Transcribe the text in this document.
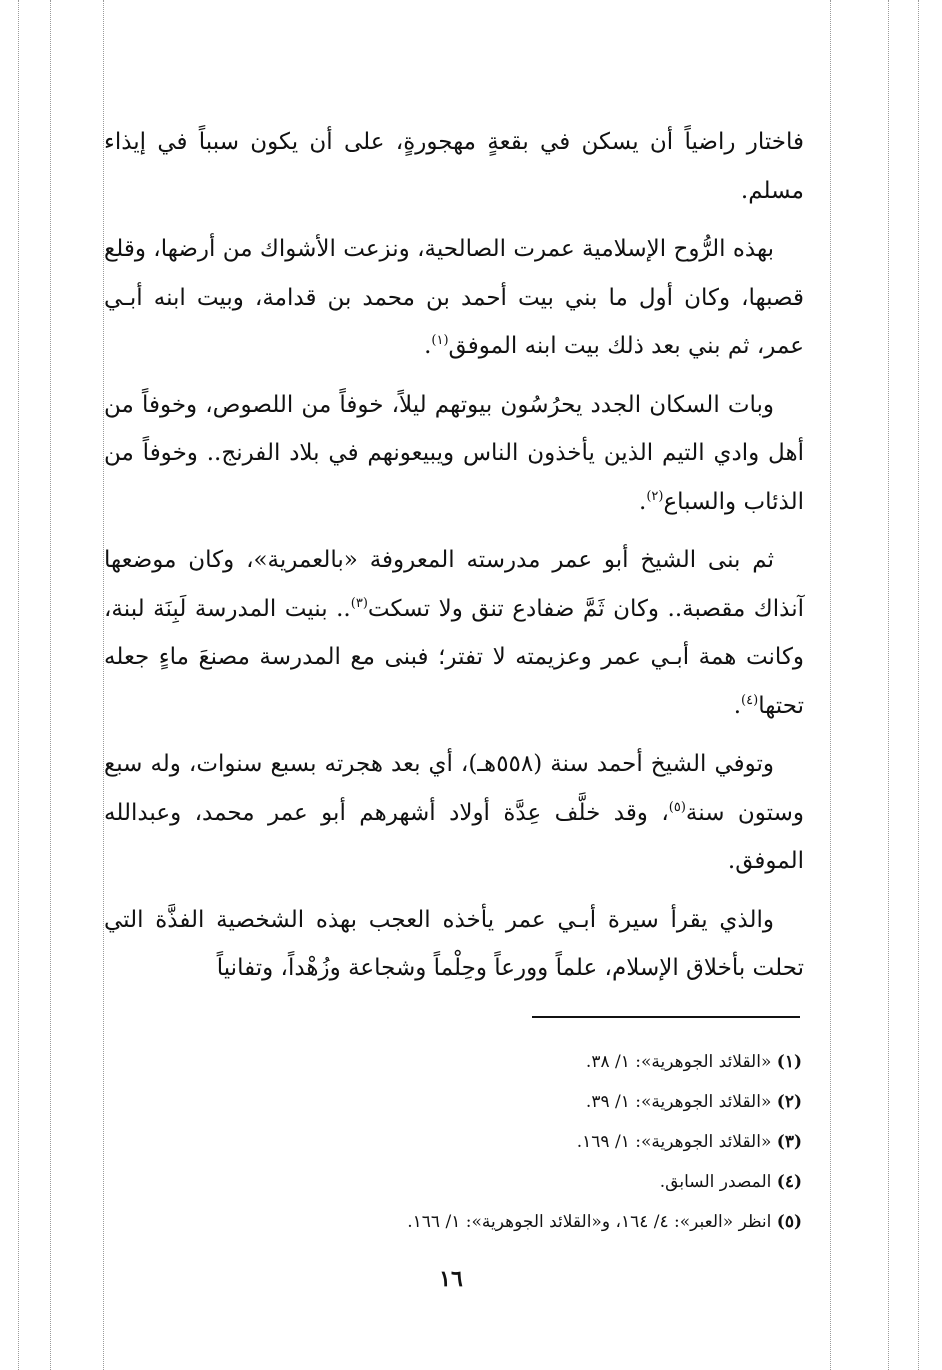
فاختار راضياً أن يسكن في بقعةٍ مهجورةٍ، على أن يكون سبباً في إيذاء مسلم.

بهذه الرُّوح الإسلامية عمرت الصالحية، ونزعت الأشواك من أرضها، وقلع قصبها، وكان أول ما بني بيت أحمد بن محمد بن قدامة، وبيت ابنه أبـي عمر، ثم بني بعد ذلك بيت ابنه الموفق$^{(١)}$.

وبات السكان الجدد يحرُسُون بيوتهم ليلاً، خوفاً من اللصوص، وخوفاً من أهل وادي التيم الذين يأخذون الناس ويبيعونهم في بلاد الفرنج.. وخوفاً من الذئاب والسباع$^{(٢)}$.

ثم بنى الشيخ أبو عمر مدرسته المعروفة «بالعمرية»، وكان موضعها آنذاك مقصبة.. وكان ثَمَّ ضفادع تنق ولا تسكت$^{(٣)}$.. بنيت المدرسة لَبِنَة لبنة، وكانت همة أبـي عمر وعزيمته لا تفتر؛ فبنى مع المدرسة مصنعَ ماءٍ جعله تحتها$^{(٤)}$.

وتوفي الشيخ أحمد سنة (٥٥٨هـ)، أي بعد هجرته بسبع سنوات، وله سبع وستون سنة$^{(٥)}$، وقد خلَّف عِدَّة أولاد أشهرهم أبو عمر محمد، وعبدالله الموفق.

والذي يقرأ سيرة أبـي عمر يأخذه العجب بهذه الشخصية الفذَّة التي تحلت بأخلاق الإسلام، علماً وورعاً وحِلْماً وشجاعة وزُهْداً، وتفانياً

(١) «القلائد الجوهرية»: ١/ ٣٨.
(٢) «القلائد الجوهرية»: ١/ ٣٩.
(٣) «القلائد الجوهرية»: ١/ ١٦٩.
(٤) المصدر السابق.
(٥) انظر «العبر»: ٤/ ١٦٤، و«القلائد الجوهرية»: ١/ ١٦٦.
١٦
